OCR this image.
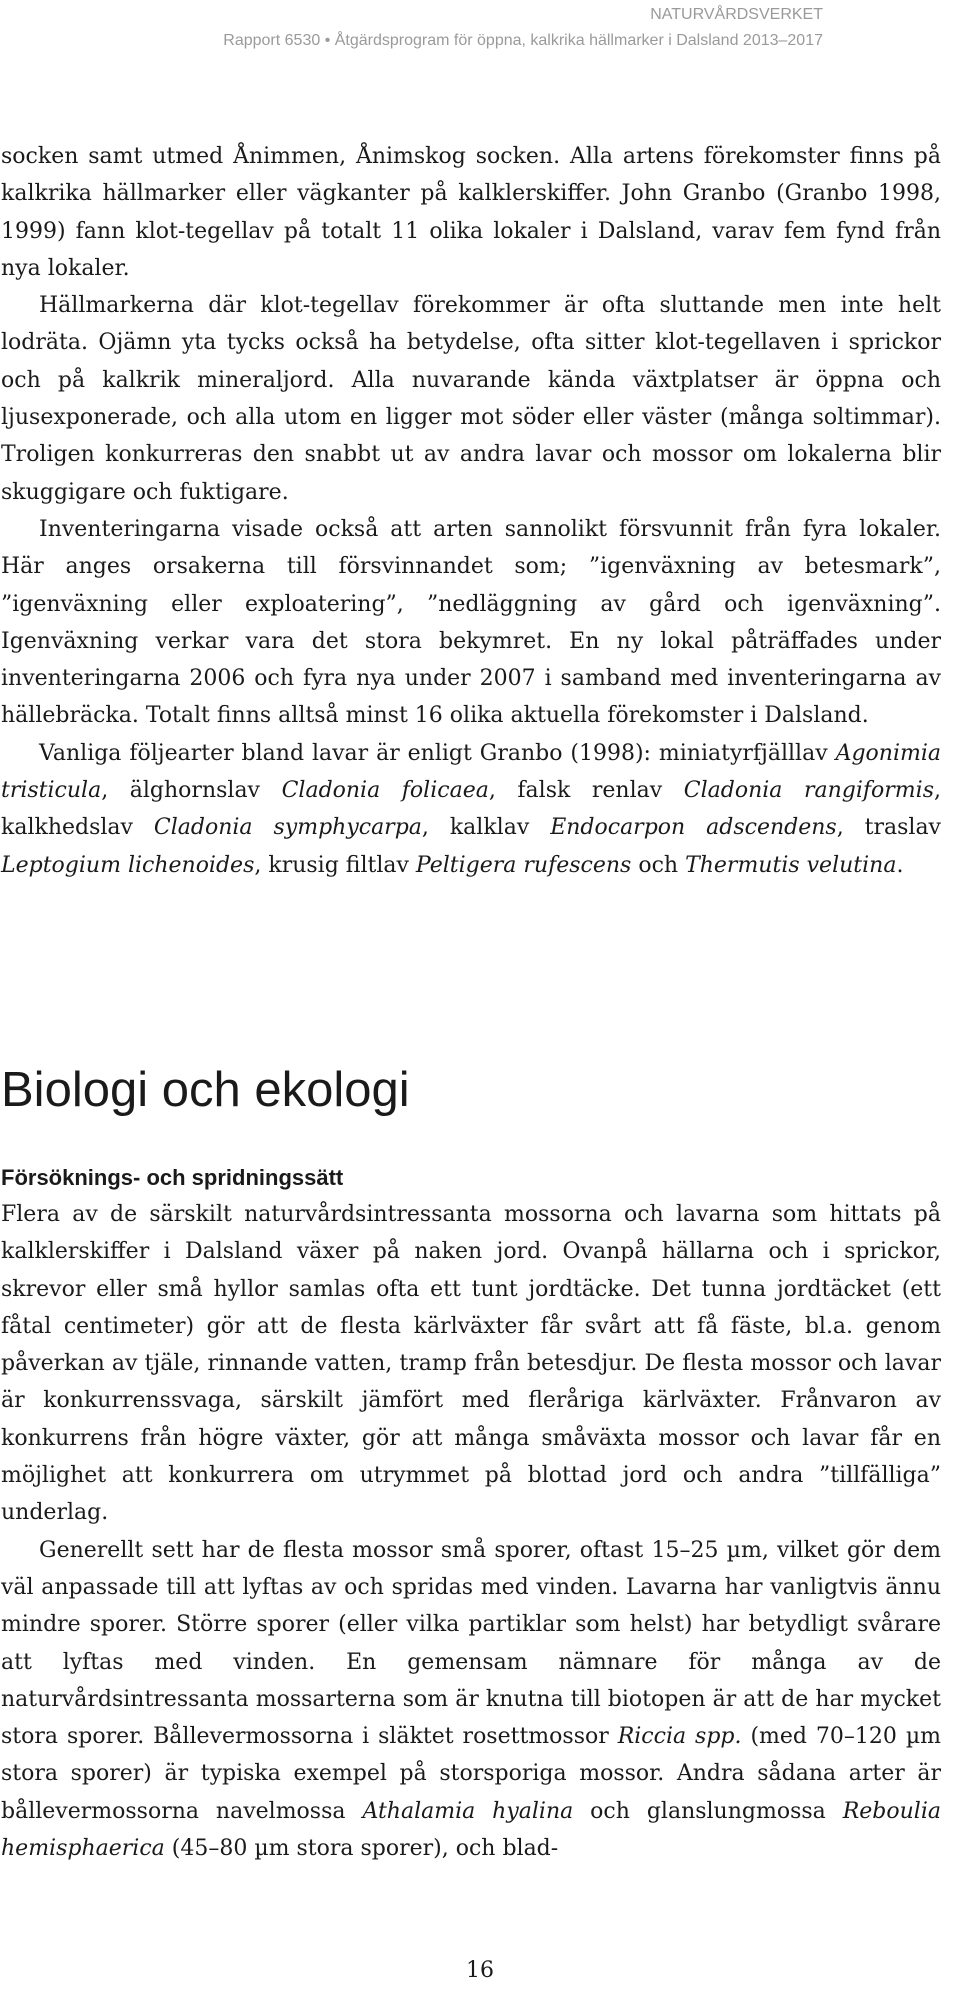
NATURVÅRDSVERKET
Rapport 6530 • Åtgärdsprogram för öppna, kalkrika hällmarker i Dalsland 2013–2017

socken samt utmed Ånimmen, Ånimskog socken. Alla artens förekomster finns på kalkrika hällmarker eller vägkanter på kalklerskiffer. John Granbo (Granbo 1998, 1999) fann klot-tegellav på totalt 11 olika lokaler i Dalsland, varav fem fynd från nya lokaler.

Hällmarkerna där klot-tegellav förekommer är ofta sluttande men inte helt lodräta. Ojämn yta tycks också ha betydelse, ofta sitter klot-tegellaven i sprickor och på kalkrik mineraljord. Alla nuvarande kända växtplatser är öppna och ljusexponerade, och alla utom en ligger mot söder eller väster (många soltimmar). Troligen konkurreras den snabbt ut av andra lavar och mossor om lokalerna blir skuggigare och fuktigare.

Inventeringarna visade också att arten sannolikt försvunnit från fyra lokaler. Här anges orsakerna till försvinnandet som; ”igenväxning av betesmark”, ”igenväxning eller exploatering”, ”nedläggning av gård och igenväxning”. Igenväxning verkar vara det stora bekymret. En ny lokal påträffades under inventeringarna 2006 och fyra nya under 2007 i samband med inventeringarna av hällebräcka. Totalt finns alltså minst 16 olika aktuella förekomster i Dalsland.

Vanliga följearter bland lavar är enligt Granbo (1998): miniatyrfjälllav Agonimia tristicula, älghornslav Cladonia folicaea, falsk renlav Cladonia rangiformis, kalkhedslav Cladonia symphycarpa, kalklav Endocarpon adscendens, traslav Leptogium lichenoides, krusig filtlav Peltigera rufescens och Thermutis velutina.

Biologi och ekologi
Försöknings- och spridningssätt

Flera av de särskilt naturvårdsintressanta mossorna och lavarna som hittats på kalklerskiffer i Dalsland växer på naken jord. Ovanpå hällarna och i sprickor, skrevor eller små hyllor samlas ofta ett tunt jordtäcke. Det tunna jordtäcket (ett fåtal centimeter) gör att de flesta kärlväxter får svårt att få fäste, bl.a. genom påverkan av tjäle, rinnande vatten, tramp från betesdjur. De flesta mossor och lavar är konkurrenssvaga, särskilt jämfört med fleråriga kärlväxter. Frånvaron av konkurrens från högre växter, gör att många småväxta mossor och lavar får en möjlighet att konkurrera om utrymmet på blottad jord och andra ”tillfälliga” underlag.

Generellt sett har de flesta mossor små sporer, oftast 15–25 µm, vilket gör dem väl anpassade till att lyftas av och spridas med vinden. Lavarna har vanligtvis ännu mindre sporer. Större sporer (eller vilka partiklar som helst) har betydligt svårare att lyftas med vinden. En gemensam nämnare för många av de naturvårdsintressanta mossarterna som är knutna till biotopen är att de har mycket stora sporer. Bållevermossorna i släktet rosettmossor Riccia spp. (med 70–120 µm stora sporer) är typiska exempel på storsporiga mossor. Andra sådana arter är bållevermossorna navelmossa Athalamia hyalina och glanslungmossa Reboulia hemisphaerica (45–80 µm stora sporer), och blad-

16
